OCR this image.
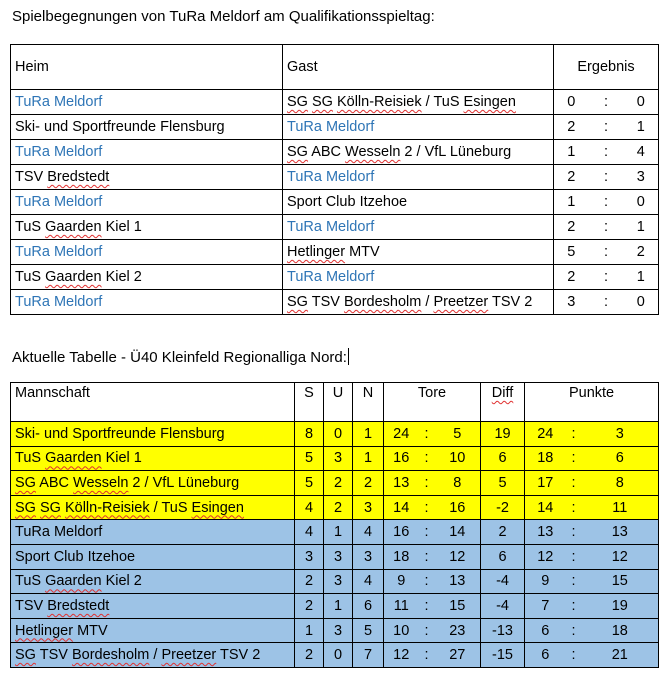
Spielbegegnungen von TuRa Meldorf am Qualifikationsspieltag:
Heim	Gast	Ergebnis		
TuRa Meldorf	SG SG Kölln-Reisiek / TuS Esingen	0	:	0
Ski- und Sportfreunde Flensburg	TuRa Meldorf	2	:	1
TuRa Meldorf	SG ABC Wesseln 2 / VfL Lüneburg	1	:	4
TSV Bredstedt	TuRa Meldorf	2	:	3
TuRa Meldorf	Sport Club Itzehoe	1	:	0
TuS Gaarden Kiel 1	TuRa Meldorf	2	:	1
TuRa Meldorf	Hetlinger MTV	5	:	2
TuS Gaarden Kiel 2	TuRa Meldorf	2	:	1
TuRa Meldorf	SG TSV Bordesholm / Preetzer TSV 2	3	:	0
Aktuelle Tabelle - Ü40 Kleinfeld Regionalliga Nord:
Mannschaft	S	U	N	Tore			Diff	Punkte		
Ski- und Sportfreunde Flensburg	8	0	1	24	:	5	19	24	:	3
TuS Gaarden Kiel 1	5	3	1	16	:	10	6	18	:	6
SG ABC Wesseln 2 / VfL Lüneburg	5	2	2	13	:	8	5	17	:	8
SG SG Kölln-Reisiek / TuS Esingen	4	2	3	14	:	16	-2	14	:	11
TuRa Meldorf	4	1	4	16	:	14	2	13	:	13
Sport Club Itzehoe	3	3	3	18	:	12	6	12	:	12
TuS Gaarden Kiel 2	2	3	4	9	:	13	-4	9	:	15
TSV Bredstedt	2	1	6	11	:	15	-4	7	:	19
Hetlinger MTV	1	3	5	10	:	23	-13	6	:	18
SG TSV Bordesholm / Preetzer TSV 2	2	0	7	12	:	27	-15	6	:	21
